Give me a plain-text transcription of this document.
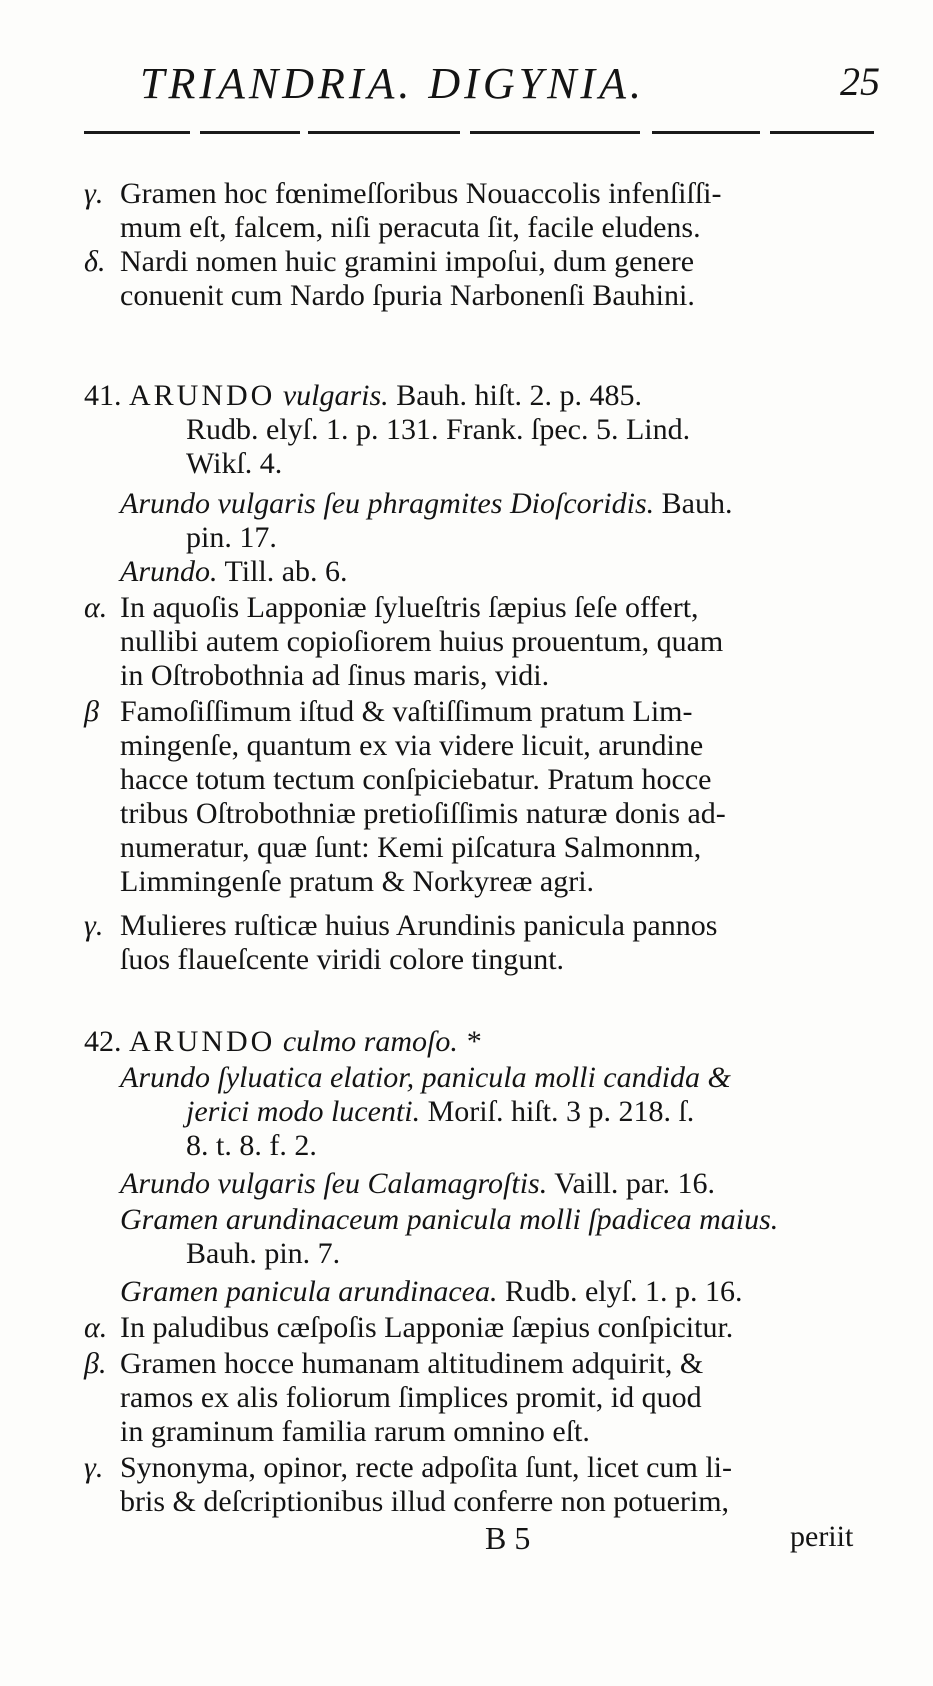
TRIANDRIA. DIGYNIA.	25
γ. Gramen hoc fœnimeſſoribus Nouaccolis infenſiſſi-
mum eſt, falcem, niſi peracuta ſit, facile eludens.
δ. Nardi nomen huic gramini impoſui, dum genere
conuenit cum Nardo ſpuria Narbonenſi Bauhini.
41. ARUNDO vulgaris. Bauh. hiſt. 2. p. 485.
Rudb. elyſ. 1. p. 131. Frank. ſpec. 5. Lind.
Wikſ. 4.
Arundo vulgaris ſeu phragmites Dioſcoridis. Bauh.
pin. 17.
Arundo. Till. ab. 6.
α. In aquoſis Lapponiæ ſylueſtris ſæpius ſeſe offert,
nullibi autem copioſiorem huius prouentum, quam
in Oſtrobothnia ad ſinus maris, vidi.
β Famoſiſſimum iſtud & vaſtiſſimum pratum Lim-
mingenſe, quantum ex via videre licuit, arundine
hacce totum tectum conſpiciebatur. Pratum hocce
tribus Oſtrobothniæ pretioſiſſimis naturæ donis ad-
numeratur, quæ ſunt: Kemi piſcatura Salmonnm,
Limmingenſe pratum & Norkyreæ agri.
γ. Mulieres ruſticæ huius Arundinis panicula pannos
ſuos flaueſcente viridi colore tingunt.
42. ARUNDO culmo ramoſo. *
Arundo ſyluatica elatior, panicula molli candida &
jerici modo lucenti. Moriſ. hiſt. 3 p. 218. ſ.
8. t. 8. f. 2.
Arundo vulgaris ſeu Calamagroſtis. Vaill. par. 16.
Gramen arundinaceum panicula molli ſpadicea maius.
Bauh. pin. 7.
Gramen panicula arundinacea. Rudb. elyſ. 1. p. 16.
α. In paludibus cæſpoſis Lapponiæ ſæpius conſpicitur.
β. Gramen hocce humanam altitudinem adquirit, &
ramos ex alis foliorum ſimplices promit, id quod
in graminum familia rarum omnino eſt.
γ. Synonyma, opinor, recte adpoſita ſunt, licet cum li-
bris & deſcriptionibus illud conferre non potuerim,
B 5	periit
